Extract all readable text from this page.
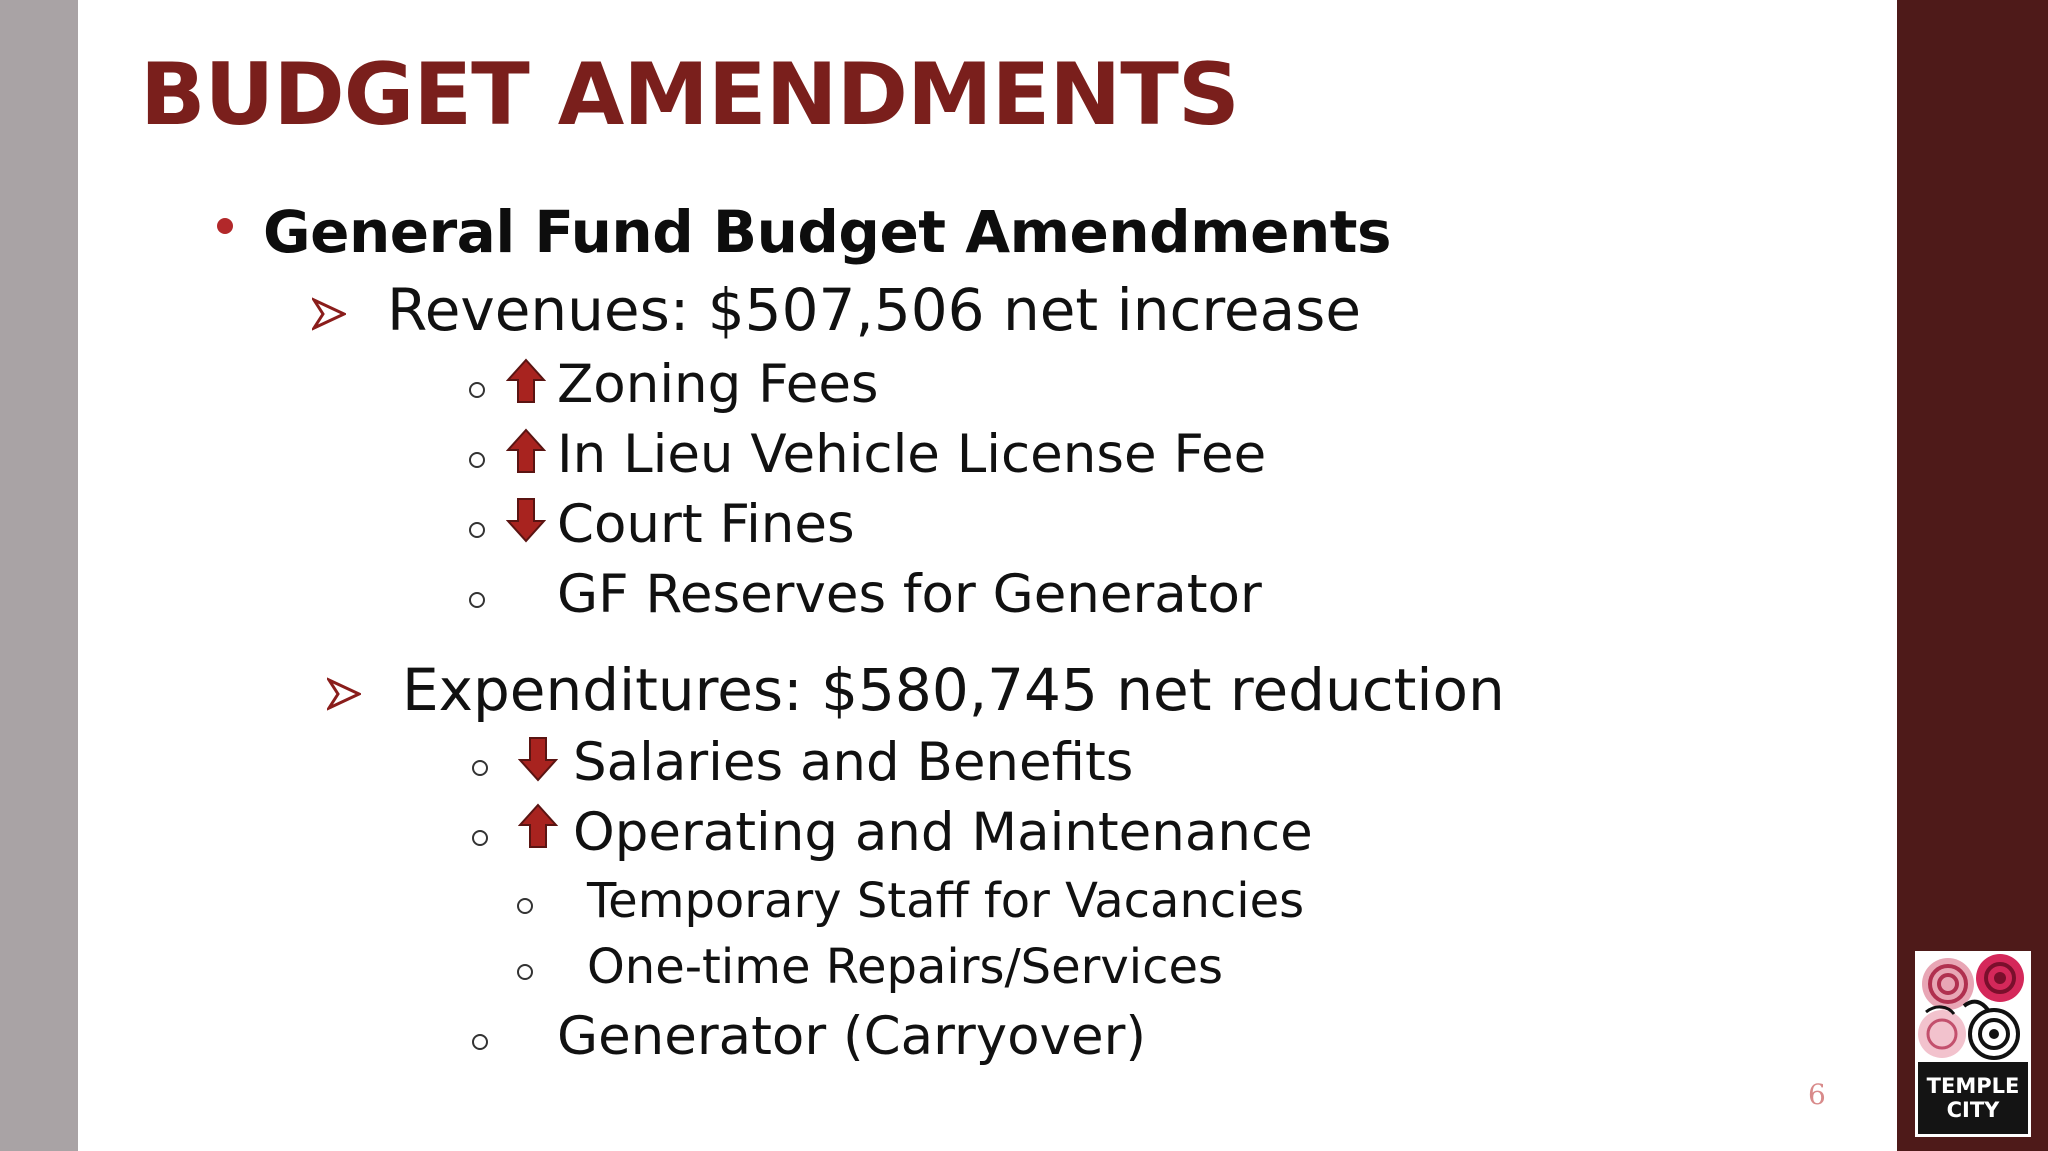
BUDGET AMENDMENTS
General Fund Budget Amendments
Revenues: $507,506 net increase
Zoning Fees
In Lieu Vehicle License Fee
Court Fines
GF Reserves for Generator
Expenditures: $580,745 net reduction
Salaries and Benefits
Operating and Maintenance
Temporary Staff for Vacancies
One-time Repairs/Services
Generator (Carryover)
6	TEMPLE
CITY
